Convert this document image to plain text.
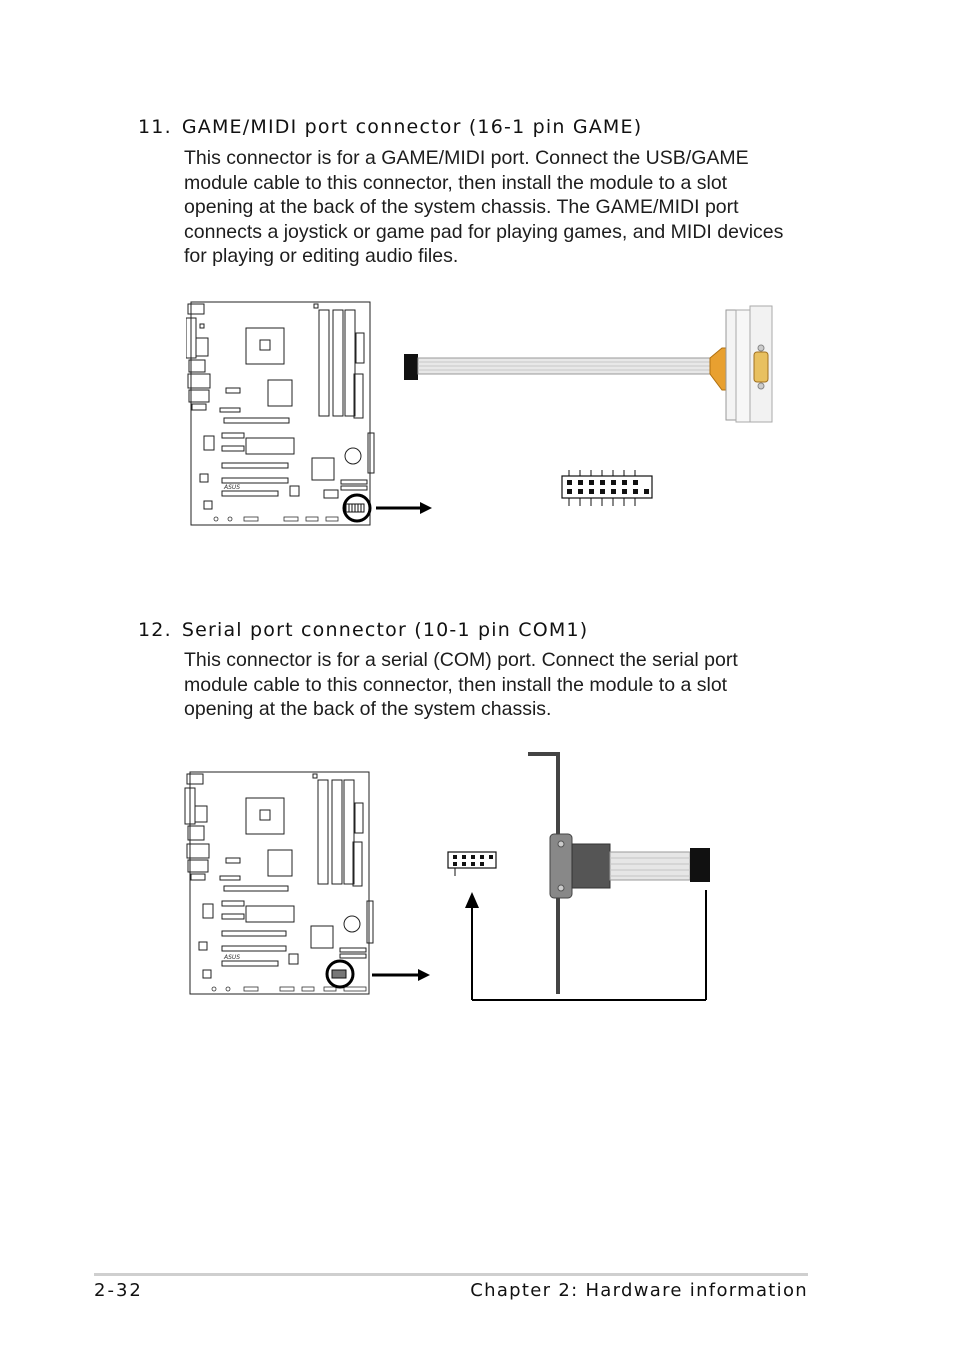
11. GAME/MIDI port connector (16-1 pin GAME)
This connector is for a GAME/MIDI port. Connect the USB/GAME
module cable to this connector, then install the module to a slot
opening at the back of the system chassis. The GAME/MIDI port
connects a joystick or game pad for playing games, and MIDI devices
for playing or editing audio files.
ASUS
12. Serial port connector (10-1 pin COM1)
This connector is for a serial (COM) port. Connect the serial port
module cable to this connector, then install the module to a slot
opening at the back of the system chassis.
ASUS
2-32	Chapter 2: Hardware information
